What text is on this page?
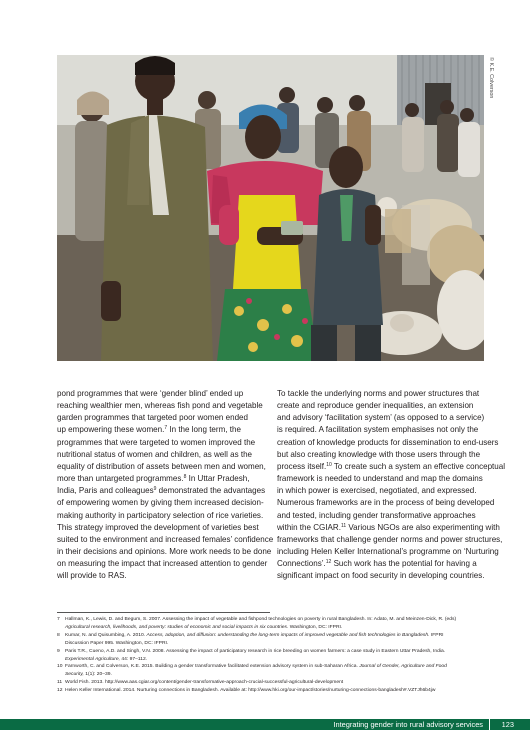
© K.E. Colverson
pond programmes that were ‘gender blind’ ended up
reaching wealthier men, whereas fish pond and vegetable
garden programmes that targeted poor women ended
up empowering these women.$^7$ In the long term, the
programmes that were targeted to women improved the
nutritional status of women and children, as well as the
equality of distribution of assets between men and women,
more than untargeted programmes.$^8$ In Uttar Pradesh,
India, Paris and colleagues$^9$ demonstrated the advantages
of empowering women by giving them increased decision-
making authority in participatory selection of rice varieties.
This strategy improved the development of varieties best
suited to the environment and increased females’ confidence
in their decisions and opinions. More work needs to be done
on measuring the impact that increased attention to gender
will provide to RAS.
To tackle the underlying norms and power structures that
create and reproduce gender inequalities, an extension
and advisory ‘facilitation system’ (as opposed to a service)
is required. A facilitation system emphasises not only the
creation of knowledge products for dissemination to end-users
but also creating knowledge with those users through the
process itself.$^{10}$ To create such a system an effective conceptual
framework is needed to understand and map the domains
in which power is exercised, negotiated, and expressed.
Numerous frameworks are in the process of being developed
and tested, including gender transformative approaches
within the CGIAR.$^{11}$ Various NGOs are also experimenting with
frameworks that challenge gender norms and power structures,
including Helen Keller International’s programme on ‘Nurturing
Connections’.$^{12}$ Such work has the potential for having a
significant impact on food security in developing countries.
7 Hallman, K., Lewis, D. and Begum, S. 2007. Assessing the impact of vegetable and fishpond technologies on poverty in rural Bangladesh. In: Adato, M. and Meinzen-Dick, R. (eds)
Agricultural research, livelihoods, and poverty: studies of economic and social impacts in six countries. Washington, DC: IFPRI.
8 Kumar, N. and Quisumbing, A. 2010. Access, adoption, and diffusion: understanding the long-term impacts of improved vegetable and fish technologies in Bangladesh. IFPRI
Discussion Paper 995. Washington, DC: IFPRI.
9 Paris T.R., Cueno, A.D. and Singh, V.N. 2008. Assessing the impact of participatory research in rice breeding on women farmers: a case study in Eastern Uttar Pradesh, India.
Experimental Agriculture, 44: 97–112.
10 Farnworth, C. and Colverson, K.E. 2015. Building a gender transformative facilitated extension advisory system in sub-Saharan Africa. Journal of Gender, Agriculture and Food
Security, 1(1): 20–39.
11 World Fish. 2013. http://www.aas.cgiar.org/content/gender-transformative-approach-crucial-successful-agricultural-development
12 Helen Keller International. 2014. Nurturing connections in Bangladesh. Available at: http://www.hki.org/our-impact/stories/nurturing-connections-bangladesh#.VZTJh6b4jw
Integrating gender into rural advisory services	123
